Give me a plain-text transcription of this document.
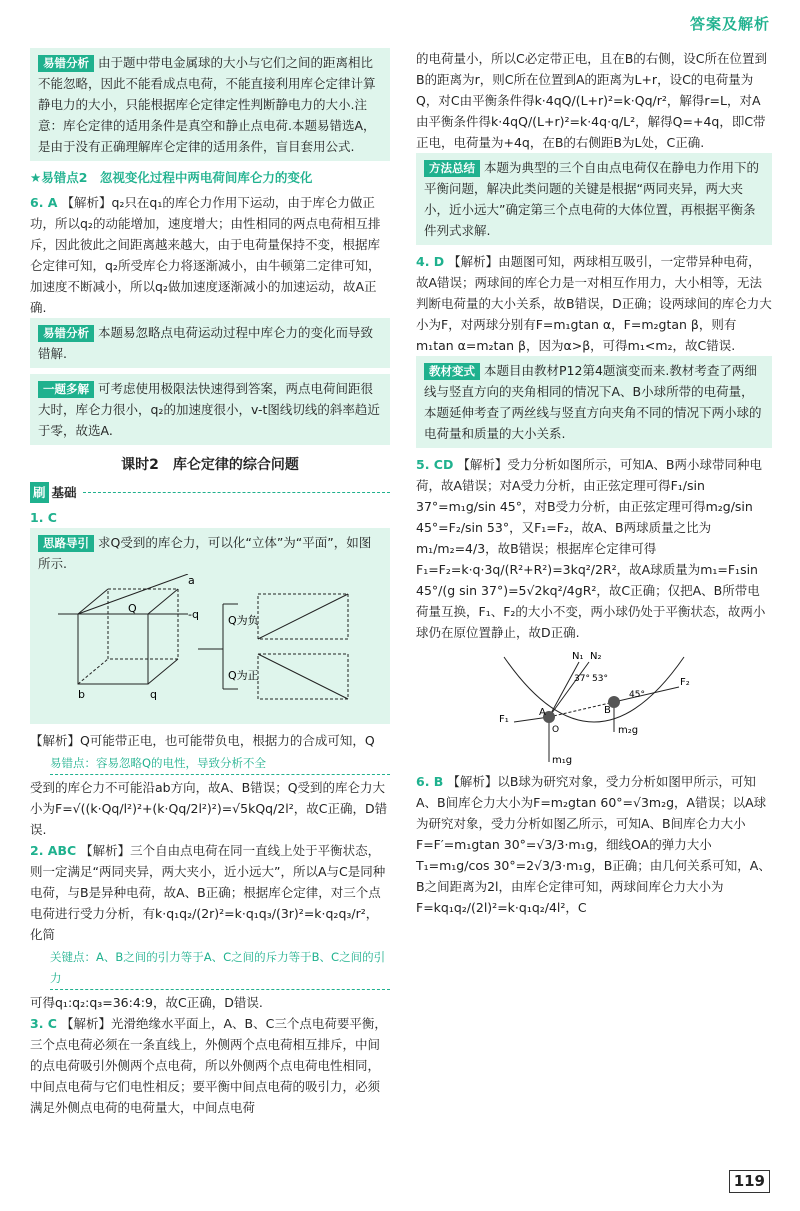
答案及解析
易错分析 由于题中带电金属球的大小与它们之间的距离相比不能忽略，因此不能看成点电荷，不能直接利用库仑定律计算静电力的大小，只能根据库仑定律定性判断静电力的大小.注意：库仑定律的适用条件是真空和静止点电荷.本题易错选A，是由于没有正确理解库仑定律的适用条件，盲目套用公式.
★易错点2　忽视变化过程中两电荷间库仑力的变化

6. A 【解析】q₂只在q₁的库仑力作用下运动，由于库仑力做正功，所以q₂的动能增加，速度增大；由性相同的两点电荷相互排斥，因此彼此之间距离越来越大，由于电荷量保持不变，根据库仑定律可知，q₂所受库仑力将逐渐减小，由牛顿第二定律可知，加速度不断减小，所以q₂做加速度逐渐减小的加速运动，故A正确.

易错分析 本题易忽略点电荷运动过程中库仑力的变化而导致错解.
一题多解 可考虑使用极限法快速得到答案，两点电荷间距很大时，库仑力很小，q₂的加速度很小，v-t图线切线的斜率趋近于零，故选A.
课时2　库仑定律的综合问题
刷 基础
1. C
思路导引 求Q受到的库仑力，可以化“立体”为“平面”，如图所示.
Q
a
b	q
-q	Q为负
Q为正

【解析】Q可能带正电，也可能带负电，根据力的合成可知，Q

易错点：容易忽略Q的电性，导致分析不全

受到的库仑力不可能沿ab方向，故A、B错误；Q受到的库仑力大小为F=√((k·Qq/l²)²+(k·Qq/2l²)²)=√5kQq/2l²，故C正确，D错误.

2. ABC 【解析】三个自由点电荷在同一直线上处于平衡状态，则一定满足“两同夹异，两大夹小，近小远大”，所以A与C是同种电荷，与B是异种电荷，故A、B正确；根据库仑定律，对三个点电荷进行受力分析，有k·q₁q₂/(2r)²=k·q₁q₃/(3r)²=k·q₂q₃/r²，化简

关键点：A、B之间的引力等于A、C之间的斥力等于B、C之间的引力

可得q₁:q₂:q₃=36:4:9，故C正确，D错误.

3. C 【解析】光滑绝缘水平面上，A、B、C三个点电荷要平衡，三个点电荷必须在一条直线上，外侧两个点电荷相互排斥，中间的点电荷吸引外侧两个点电荷，所以外侧两个点电荷电性相同，中间点电荷与它们电性相反；要平衡中间点电荷的吸引力，必须满足外侧点电荷的电荷量大，中间点电荷

的电荷量小，所以C必定带正电，且在B的右侧，设C所在位置到B的距离为r，则C所在位置到A的距离为L+r，设C的电荷量为Q，对C由平衡条件得k·4qQ/(L+r)²=k·Qq/r²，解得r=L，对A由平衡条件得k·4qQ/(L+r)²=k·4q·q/L²，解得Q=+4q，即C带正电，电荷量为+4q，在B的右侧距B为L处，C正确.

方法总结 本题为典型的三个自由点电荷仅在静电力作用下的平衡问题，解决此类问题的关键是根据“两同夹异，两大夹小，近小远大”确定第三个点电荷的大体位置，再根据平衡条件列式求解.

4. D 【解析】由题图可知，两球相互吸引，一定带异种电荷，故A错误；两球间的库仑力是一对相互作用力，大小相等，无法判断电荷量的大小关系，故B错误，D正确；设两球间的库仑力大小为F，对两球分别有F=m₁gtan α，F=m₂gtan β，则有m₁tan α=m₂tan β，因为α>β，可得m₁<m₂，故C错误.

教材变式 本题目由教材P12第4题演变而来.教材考查了两细线与竖直方向的夹角相同的情况下A、B小球所带的电荷量，本题延伸考查了两丝线与竖直方向夹角不同的情况下两小球的电荷量和质量的大小关系.

5. CD 【解析】受力分析如图所示，可知A、B两小球带同种电荷，故A错误；对A受力分析，由正弦定理可得F₁/sin 37°=m₁g/sin 45°，对B受力分析，由正弦定理可得m₂g/sin 45°=F₂/sin 53°，又F₁=F₂，故A、B两球质量之比为m₁/m₂=4/3，故B错误；根据库仑定律可得F₁=F₂=k·q·3q/(R²+R²)=3kq²/2R²，故A球质量为m₁=F₁sin 45°/(g sin 37°)=5√2kq²/4gR²，故C正确；仅把A、B所带电荷量互换，F₁、F₂的大小不变，两小球仍处于平衡状态，故两小球仍在原位置静止，故D正确.

N₁ N₂
F₂
F₁
A	B
O
m₁g
m₂g
37° 53°
45°

6. B 【解析】以B球为研究对象，受力分析如图甲所示，可知A、B间库仑力大小为F=m₂gtan 60°=√3m₂g，A错误；以A球为研究对象，受力分析如图乙所示，可知A、B间库仑力大小F=F′=m₁gtan 30°=√3/3·m₁g，细线OA的弹力大小T₁=m₁g/cos 30°=2√3/3·m₁g，B正确；由几何关系可知，A、B之间距离为2l，由库仑定律可知，两球间库仑力大小为F=kq₁q₂/(2l)²=k·q₁q₂/4l²，C

119
